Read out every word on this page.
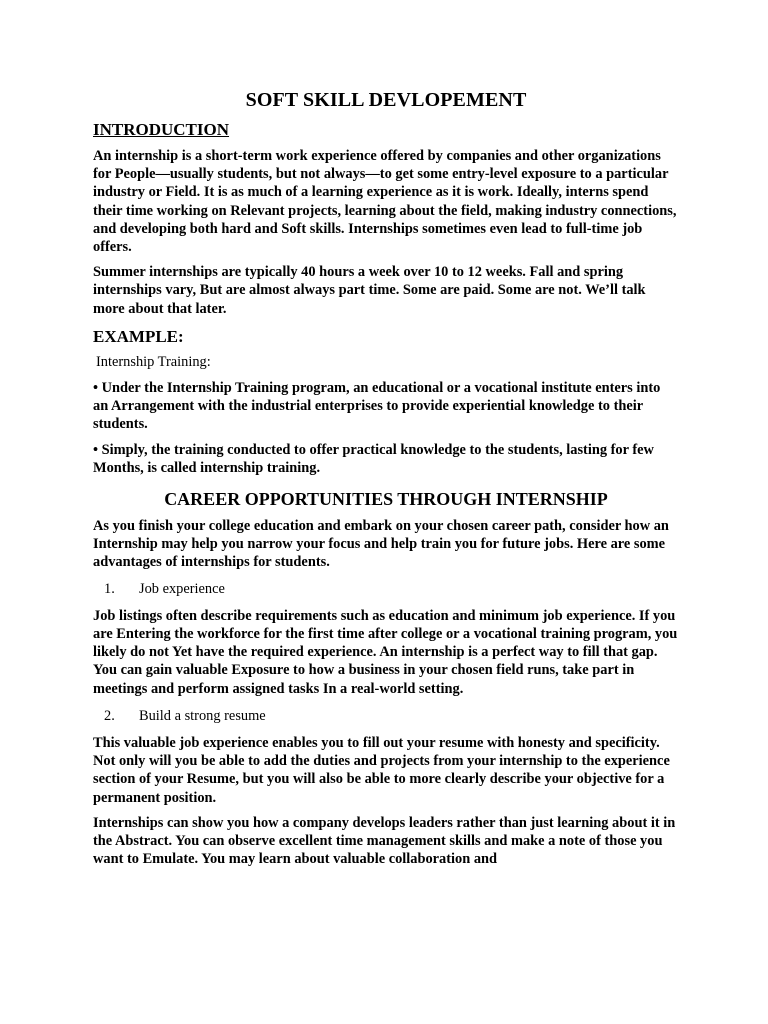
SOFT SKILL DEVLOPEMENT
INTRODUCTION

An internship is a short-term work experience offered by companies and other organizations for People—usually students, but not always—to get some entry-level exposure to a particular industry or Field. It is as much of a learning experience as it is work. Ideally, interns spend their time working on Relevant projects, learning about the field, making industry connections, and developing both hard and Soft skills. Internships sometimes even lead to full-time job offers.

Summer internships are typically 40 hours a week over 10 to 12 weeks. Fall and spring internships vary, But are almost always part time. Some are paid. Some are not. We’ll talk more about that later.

EXAMPLE:

Internship Training:

• Under the Internship Training program, an educational or a vocational institute enters into an Arrangement with the industrial enterprises to provide experiential knowledge to their students.

• Simply, the training conducted to offer practical knowledge to the students, lasting for few Months, is called internship training.

CAREER OPPORTUNITIES THROUGH INTERNSHIP

As you finish your college education and embark on your chosen career path, consider how an Internship may help you narrow your focus and help train you for future jobs. Here are some advantages of internships for students.

1.	Job experience

Job listings often describe requirements such as education and minimum job experience. If you are Entering the workforce for the first time after college or a vocational training program, you likely do not Yet have the required experience. An internship is a perfect way to fill that gap. You can gain valuable Exposure to how a business in your chosen field runs, take part in meetings and perform assigned tasks In a real-world setting.

2.	Build a strong resume

This valuable job experience enables you to fill out your resume with honesty and specificity. Not only will you be able to add the duties and projects from your internship to the experience section of your Resume, but you will also be able to more clearly describe your objective for a permanent position.

Internships can show you how a company develops leaders rather than just learning about it in the Abstract. You can observe excellent time management skills and make a note of those you want to Emulate. You may learn about valuable collaboration and
